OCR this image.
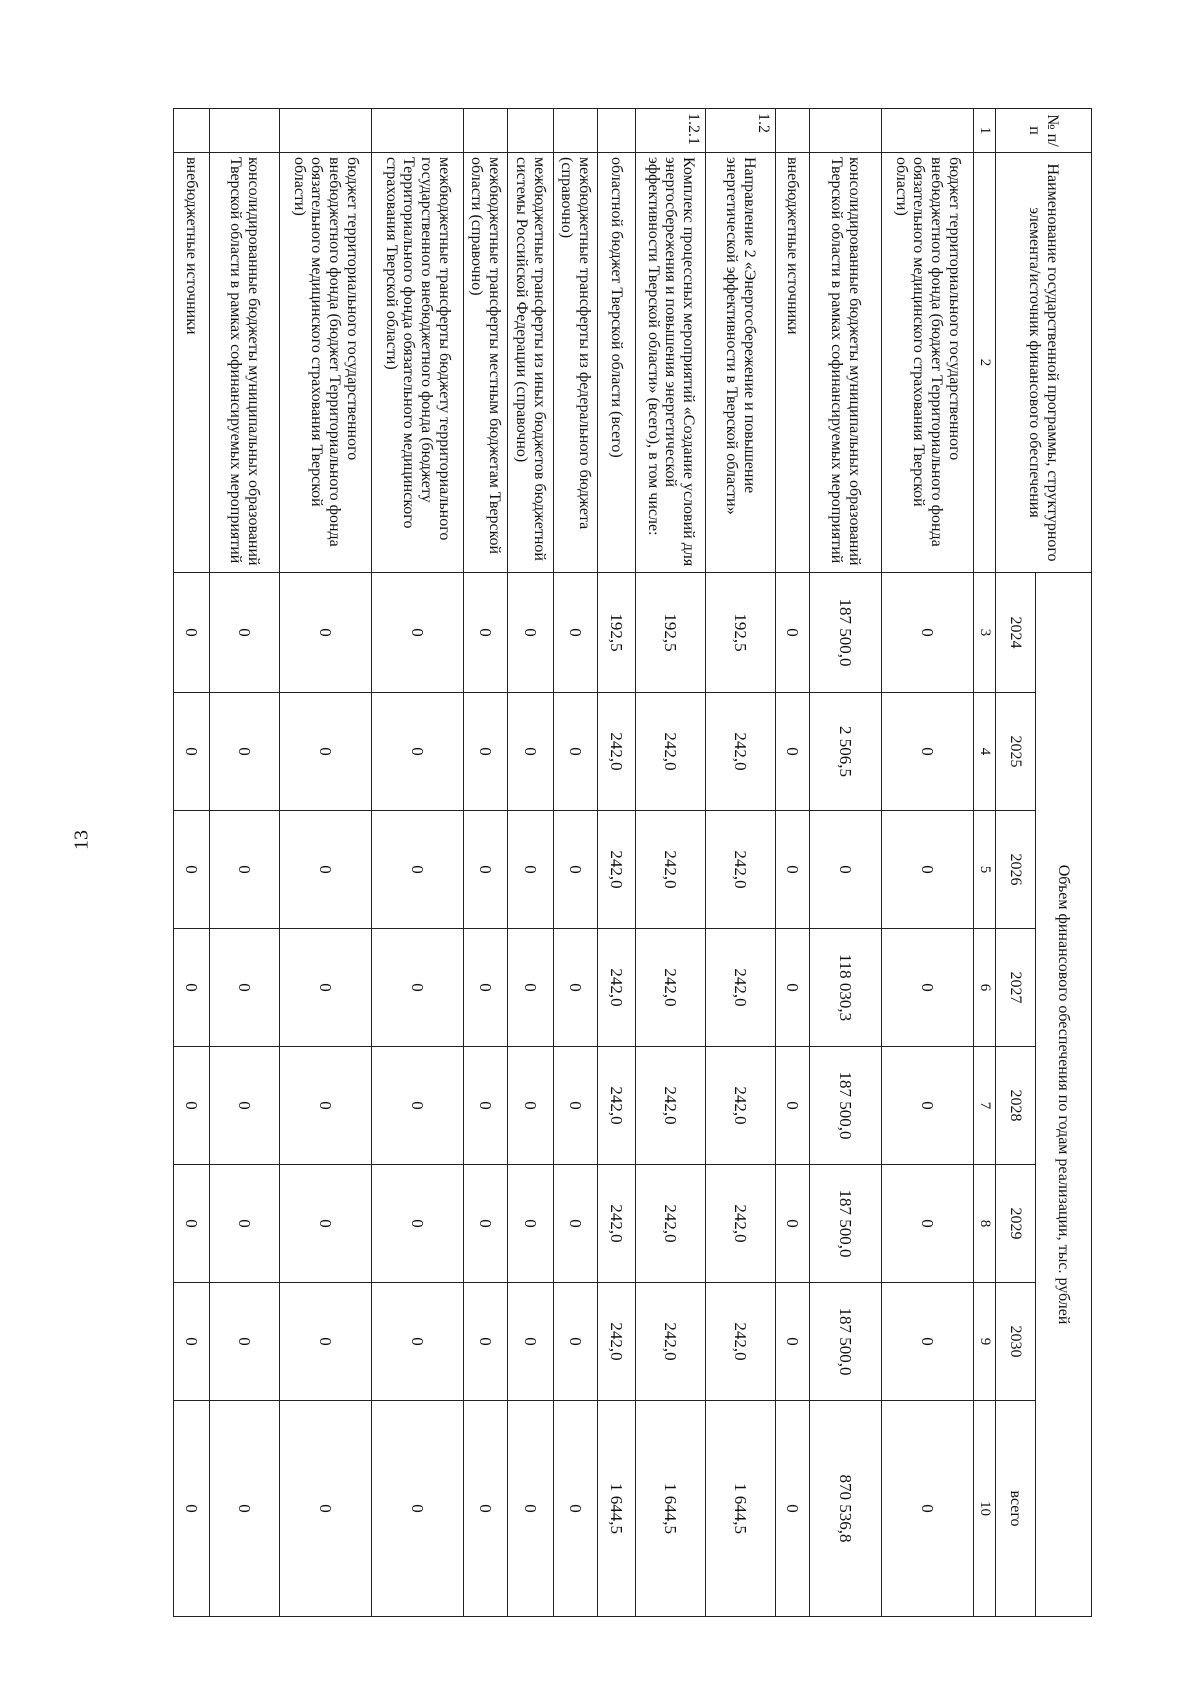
13
№ п/п	Наименование государственной программы, структурного элемента/источник финансового обеспечения	Объем финансового обеспечения по годам реализации, тыс. рублей							
		2024	2025	2026	2027	2028	2029	2030	всего
1	2	3	4	5	6	7	8	9	10
	бюджет территориального государственного внебюджетного фонда (бюджет Территориального фонда обязательного медицинского страхования Тверской области)	0	0	0	0	0	0	0	0
	консолидированные бюджеты муниципальных образований Тверской области в рамках софинансируемых мероприятий	187 500,0	2 506,5	0	118 030,3	187 500,0	187 500,0	187 500,0	870 536,8
	внебюджетные источники	0	0	0	0	0	0	0	0
1.2	Направление 2 «Энергосбережение и повышение энергетической эффективности в Тверской области»	192,5	242,0	242,0	242,0	242,0	242,0	242,0	1 644,5
1.2.1	Комплекс процессных мероприятий «Создание условий для энергосбережения и повышения энергетической эффективности Тверской области» (всего), в том числе:	192,5	242,0	242,0	242,0	242,0	242,0	242,0	1 644,5
	областной бюджет Тверской области (всего)	192,5	242,0	242,0	242,0	242,0	242,0	242,0	1 644,5
	межбюджетные трансферты из федерального бюджета (справочно)	0	0	0	0	0	0	0	0
	межбюджетные трансферты из иных бюджетов бюджетной системы Российской Федерации (справочно)	0	0	0	0	0	0	0	0
	межбюджетные трансферты местным бюджетам Тверской области (справочно)	0	0	0	0	0	0	0	0
	межбюджетные трансферты бюджету территориального государственного внебюджетного фонда (бюджету Территориального фонда обязательного медицинского страхования Тверской области)	0	0	0	0	0	0	0	0
	бюджет территориального государственного внебюджетного фонда (бюджет Территориального фонда обязательного медицинского страхования Тверской области)	0	0	0	0	0	0	0	0
	консолидированные бюджеты муниципальных образований Тверской области в рамках софинансируемых мероприятий	0	0	0	0	0	0	0	0
	внебюджетные источники	0	0	0	0	0	0	0	0
